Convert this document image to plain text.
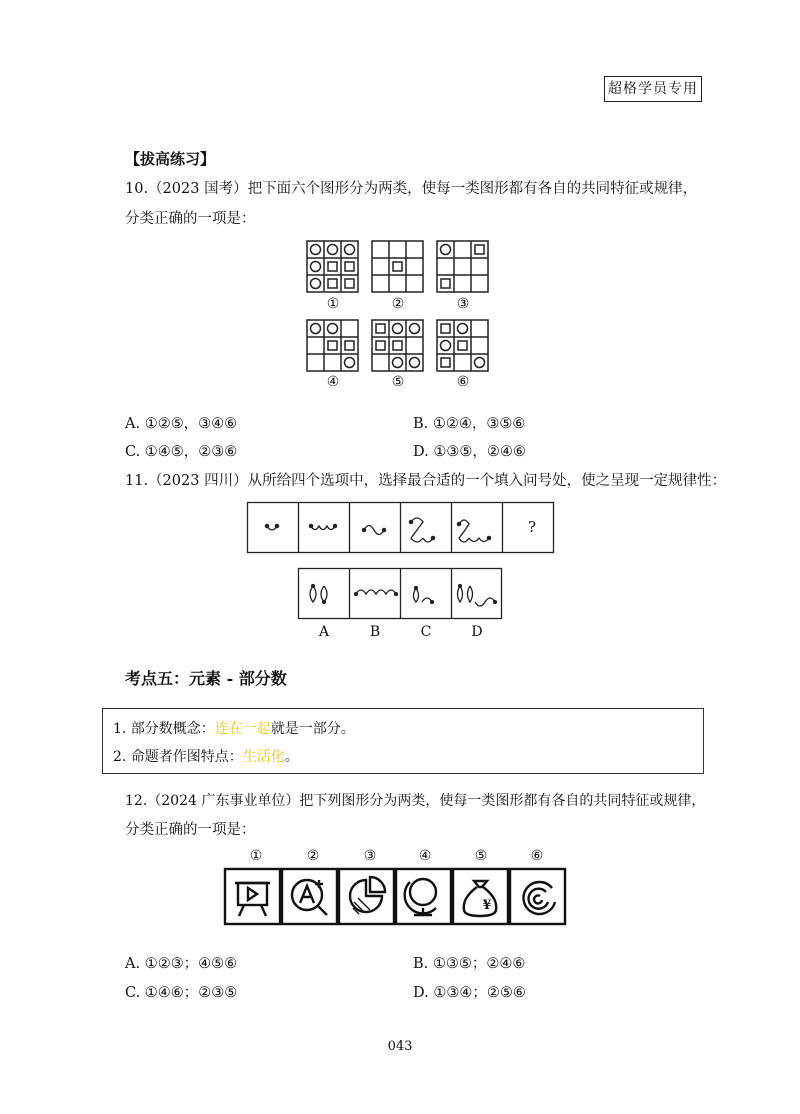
超格学员专用
【拔高练习】
10.（2023 国考）把下面六个图形分为两类，使每一类图形都有各自的共同特征或规律，
分类正确的一项是：
①	②	③
④	⑤	⑥
A. ①②⑤，③④⑥	B. ①②④，③⑤⑥
C. ①④⑤，②③⑥	D. ①③⑤，②④⑥
11.（2023 四川）从所给四个选项中，选择最合适的一个填入问号处，使之呈现一定规律性：
?
A	B	C	D
考点五：元素 - 部分数
1. 部分数概念：连在一起就是一部分。
2. 命题者作图特点：生活化。
12.（2024 广东事业单位）把下列图形分为两类，使每一类图形都有各自的共同特征或规律，
分类正确的一项是：
①	②	③	④	⑤	⑥
¥
A. ①②③；④⑤⑥	B. ①③⑤；②④⑥
C. ①④⑥；②③⑤	D. ①③④；②⑤⑥
043
